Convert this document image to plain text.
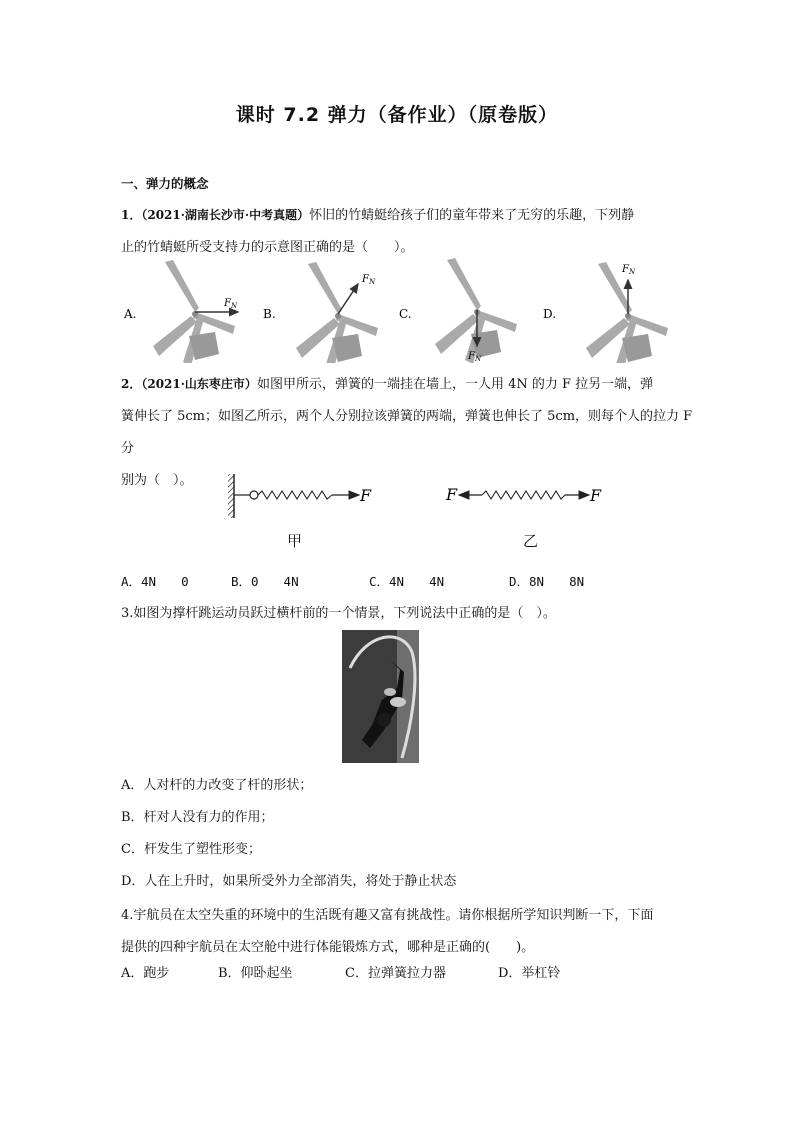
课时 7.2 弹力（备作业）（原卷版）
一、弹力的概念
1．（2021·湖南长沙市·中考真题）怀旧的竹蜻蜓给孩子们的童年带来了无穷的乐趣，下列静
止的竹蜻蜓所受支持力的示意图正确的是（　　）。
A.
$F_N$
B.
$F_N$
C.
$F_N$
D.
$F_N$
2．（2021·山东枣庄市）如图甲所示，弹簧的一端挂在墙上，一人用 4N 的力 F 拉另一端，弹
簧伸长了 5cm；如图乙所示，两个人分别拉该弹簧的两端，弹簧也伸长了 5cm，则每个人的拉力 F 分
别为（　）。
F	F	F
甲	乙
A．4N　　0	B．0　　4N	C．4N　　4N	D．8N　　8N
3.如图为撑杆跳运动员跃过横杆前的一个情景，下列说法中正确的是（　）。
A．人对杆的力改变了杆的形状；
B．杆对人没有力的作用；
C．杆发生了塑性形变；
D．人在上升时，如果所受外力全部消失，将处于静止状态
4.宇航员在太空失重的环境中的生活既有趣又富有挑战性。请你根据所学知识判断一下，下面
提供的四种宇航员在太空舱中进行体能锻炼方式，哪种是正确的(　　)。
A．跑步	B．仰卧起坐	C．拉弹簧拉力器	D．举杠铃
